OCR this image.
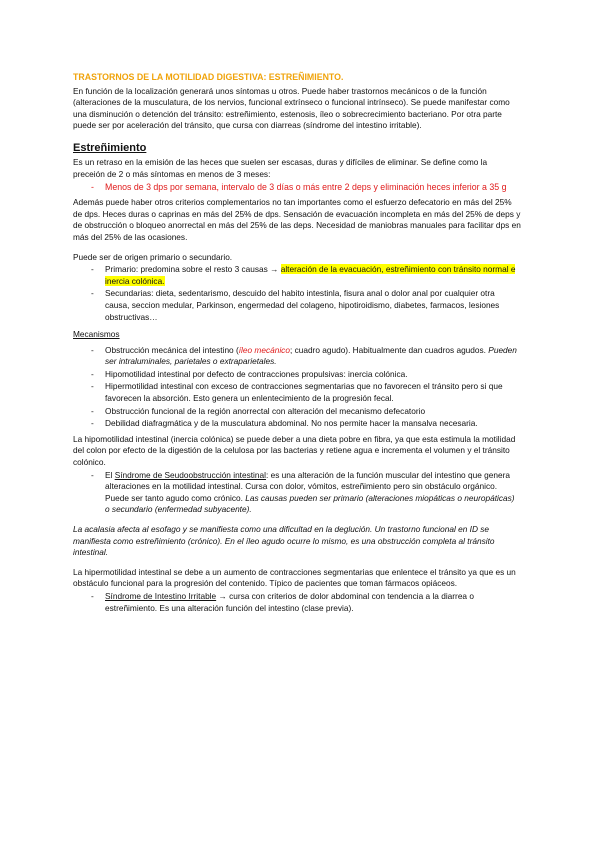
TRASTORNOS DE LA MOTILIDAD DIGESTIVA: ESTREÑIMIENTO.

En función de la localización generará unos síntomas u otros. Puede haber trastornos mecánicos o de la función (alteraciones de la musculatura, de los nervios, funcional extrínseco o funcional intrínseco). Se puede manifestar como una disminución o detención del tránsito: estreñimiento, estenosis, íleo o sobrecrecimiento bacteriano. Por otra parte puede ser por aceleración del tránsito, que cursa con diarreas (síndrome del intestino irritable).

Estreñimiento

Es un retraso en la emisión de las heces que suelen ser escasas, duras y difíciles de eliminar. Se define como la preceión de 2 o más síntomas en menos de 3 meses:

- Menos de 3 dps por semana, intervalo de 3 días o más entre 2 deps y eliminación heces inferior a 35 g

Además puede haber otros criterios complementarios no tan importantes como el esfuerzo defecatorio en más del 25% de dps. Heces duras o caprinas en más del 25% de dps. Sensación de evacuación incompleta en más del 25% de deps y de obstrucción o bloqueo anorrectal en más del 25% de las deps. Necesidad de maniobras manuales para facilitar dps en más del 25% de las ocasiones.

Puede ser de origen primario o secundario.

- Primario: predomina sobre el resto 3 causas → alteración de la evacuación, estreñimiento con tránsito normal e inercia colónica.
- Secundarias: dieta, sedentarismo, descuido del habito intestinla, fisura anal o dolor anal por cualquier otra causa, seccion medular, Parkinson, engermedad del colageno, hipotiroidismo, diabetes, farmacos, lesiones obstructivas…
Mecanismos
- Obstrucción mecánica del intestino (íleo mecánico; cuadro agudo). Habitualmente dan cuadros agudos. Pueden ser intraluminales, parietales o extraparietales.
- Hipomotilidad intestinal por defecto de contracciones propulsivas: inercia colónica.
- Hipermotilidad intestinal con exceso de contracciones segmentarias que no favorecen el tránsito pero si que favorecen la absorción. Esto genera un enlentecimiento de la progresión fecal.
- Obstrucción funcional de la región anorrectal con alteración del mecanismo defecatorio
- Debilidad diafragmática y de la musculatura abdominal. No nos permite hacer la mansalva necesaria.

La hipomotilidad intestinal (inercia colónica) se puede deber a una dieta pobre en fibra, ya que esta estimula la motilidad del colon por efecto de la digestión de la celulosa por las bacterias y retiene agua e incrementa el volumen y el tránsito colónico.

- El Síndrome de Seudoobstrucción intestinal: es una alteración de la función muscular del intestino que genera alteraciones en la motilidad intestinal. Cursa con dolor, vómitos, estreñimiento pero sin obstáculo orgánico. Puede ser tanto agudo como crónico. Las causas pueden ser primario (alteraciones miopáticas o neuropáticas) o secundario (enfermedad subyacente).

La acalasia afecta al esofago y se manifiesta como una dificultad en la deglución. Un trastorno funcional en ID se manifiesta como estreñimiento (crónico). En el íleo agudo ocurre lo mismo, es una obstrucción completa al tránsito intestinal.

La hipermotilidad intestinal se debe a un aumento de contracciones segmentarias que enlentece el tránsito ya que es un obstáculo funcional para la progresión del contenido. Típico de pacientes que toman fármacos opiáceos.

- Síndrome de Intestino Irritable → cursa con criterios de dolor abdominal con tendencia a la diarrea o estreñimiento. Es una alteración función del intestino (clase previa).
